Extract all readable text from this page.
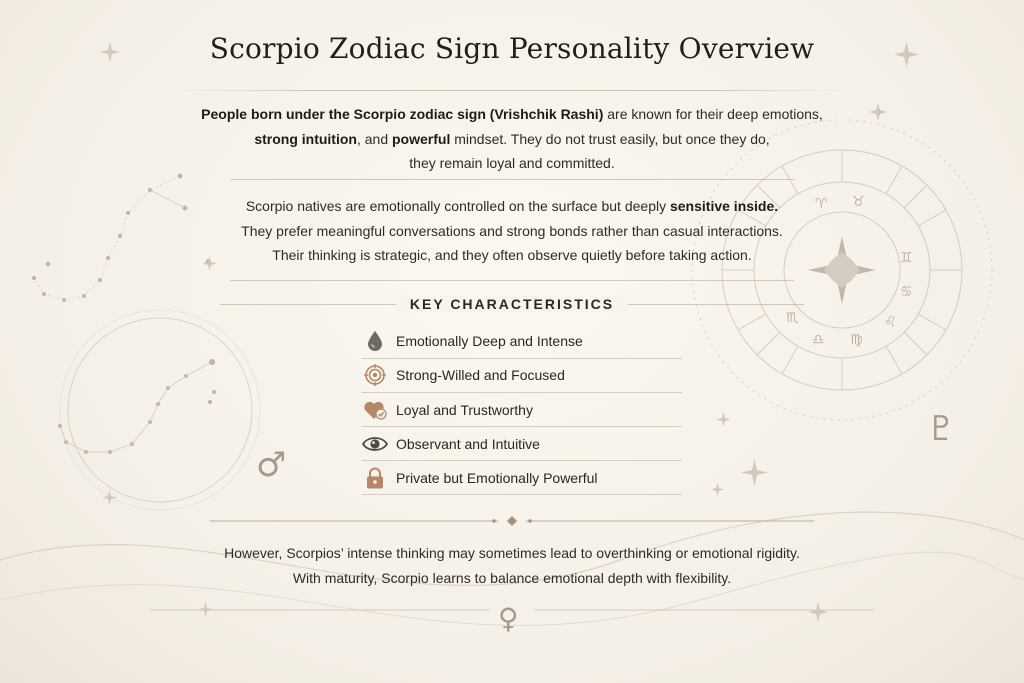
♈ ♉
♊
♋
♌
♍
♎
♏
♂
♇
♀
Scorpio Zodiac Sign Personality Overview
People born under the Scorpio zodiac sign (Vrishchik Rashi) are known for their deep emotions,
strong intuition, and powerful mindset. They do not trust easily, but once they do,
they remain loyal and committed.
Scorpio natives are emotionally controlled on the surface but deeply sensitive inside.
They prefer meaningful conversations and strong bonds rather than casual interactions.
Their thinking is strategic, and they often observe quietly before taking action.
KEY CHARACTERISTICS
Emotionally Deep and Intense
Strong-Willed and Focused
Loyal and Trustworthy
Observant and Intuitive
Private but Emotionally Powerful
However, Scorpios’ intense thinking may sometimes lead to overthinking or emotional rigidity.
With maturity, Scorpio learns to balance emotional depth with flexibility.
